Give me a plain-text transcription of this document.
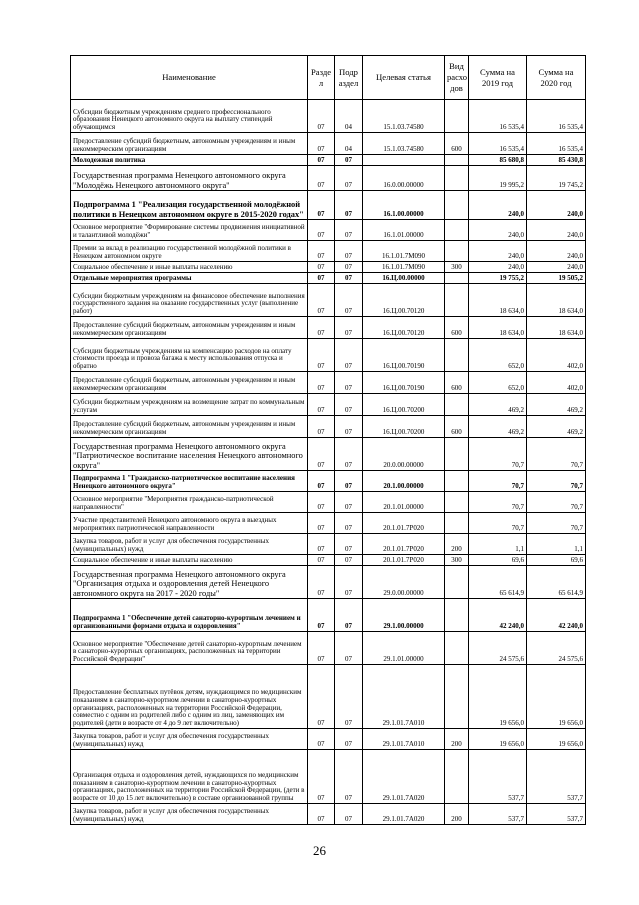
Наименование	Разде л	Подр аздел	Целевая статья	Вид расхо дов	Сумма на 2019 год	Сумма на 2020 год
Субсидии бюджетным учреждениям среднего профессионального образования Ненецкого автономного округа на выплату стипендий обучающимся	07	04	15.1.03.74580		16 535,4	16 535,4
Предоставление субсидий бюджетным, автономным учреждениям и иным некоммерческим организациям	07	04	15.1.03.74580	600	16 535,4	16 535,4
Молодежная политика	07	07			85 680,8	85 430,8
Государственная программа Ненецкого автономного округа "Молодёжь Ненецкого автономного округа"	07	07	16.0.00.00000		19 995,2	19 745,2
Подпрограмма 1 "Реализация государственной молодёжной политики в Ненецком автономном округе в 2015-2020 годах"	07	07	16.1.00.00000		240,0	240,0
Основное мероприятие "Формирование системы продвижения инициативной и талантливой молодёжи"	07	07	16.1.01.00000		240,0	240,0
Премии за вклад в реализацию государственной молодёжной политики в Ненецком автономном округе	07	07	16.1.01.7М090		240,0	240,0
Социальное обеспечение и иные выплаты населению	07	07	16.1.01.7М090	300	240,0	240,0
Отдельные мероприятия программы	07	07	16.Ц.00.00000		19 755,2	19 505,2
Субсидии бюджетным учреждениям на финансовое обеспечение выполнения государственного задания на оказание государственных услуг (выполнение работ)	07	07	16.Ц.00.70120		18 634,0	18 634,0
Предоставление субсидий бюджетным, автономным учреждениям и иным некоммерческим организациям	07	07	16.Ц.00.70120	600	18 634,0	18 634,0
Субсидии бюджетным учреждениям на компенсацию расходов на оплату стоимости проезда и провоза багажа к месту использования отпуска и обратно	07	07	16.Ц.00.70190		652,0	402,0
Предоставление субсидий бюджетным, автономным учреждениям и иным некоммерческим организациям	07	07	16.Ц.00.70190	600	652,0	402,0
Субсидии бюджетным учреждениям на возмещение затрат по коммунальным услугам	07	07	16.Ц.00.70200		469,2	469,2
Предоставление субсидий бюджетным, автономным учреждениям и иным некоммерческим организациям	07	07	16.Ц.00.70200	600	469,2	469,2
Государственная программа Ненецкого автономного округа "Патриотическое воспитание населения Ненецкого автономного округа"	07	07	20.0.00.00000		70,7	70,7
Подпрограмма 1 "Гражданско-патриотическое воспитание населения Ненецкого автономного округа"	07	07	20.1.00.00000		70,7	70,7
Основное мероприятие "Мероприятия гражданско-патриотической направленности"	07	07	20.1.01.00000		70,7	70,7
Участие представителей Ненецкого автономного округа в выездных мероприятиях патриотической направленности	07	07	20.1.01.7Р020		70,7	70,7
Закупка товаров, работ и услуг для обеспечения государственных (муниципальных) нужд	07	07	20.1.01.7Р020	200	1,1	1,1
Социальное обеспечение и иные выплаты населению	07	07	20.1.01.7Р020	300	69,6	69,6
Государственная программа Ненецкого автономного округа "Организация отдыха и оздоровления детей Ненецкого автономного округа на 2017 - 2020 годы"	07	07	29.0.00.00000		65 614,9	65 614,9
Подпрограмма 1 "Обеспечение детей санаторно-курортным лечением и организованными формами отдыха и оздоровления"	07	07	29.1.00.00000		42 240,0	42 240,0
Основное мероприятие "Обеспечение детей санаторно-курортным лечением в санаторно-курортных организациях, расположенных на территории Российской Федерации"	07	07	29.1.01.00000		24 575,6	24 575,6
Предоставление бесплатных путёвок детям, нуждающимся по медицинским показаниям в санаторно-курортном лечении в санаторно-курортных организациях, расположенных на территории Российской Федерации, совместно с одним из родителей либо с одним из лиц, заменяющих им родителей (дети в возрасте от 4 до 9 лет включительно)	07	07	29.1.01.7А010		19 656,0	19 656,0
Закупка товаров, работ и услуг для обеспечения государственных (муниципальных) нужд	07	07	29.1.01.7А010	200	19 656,0	19 656,0
Организация отдыха и оздоровления детей, нуждающихся по медицинским показаниям в санаторно-курортном лечении в санаторно-курортных организациях, расположенных на территории Российской Федерации, (дети в возрасте от 10 до 15 лет включительно) в составе организованной группы	07	07	29.1.01.7А020		537,7	537,7
Закупка товаров, работ и услуг для обеспечения государственных (муниципальных) нужд	07	07	29.1.01.7А020	200	537,7	537,7
26
